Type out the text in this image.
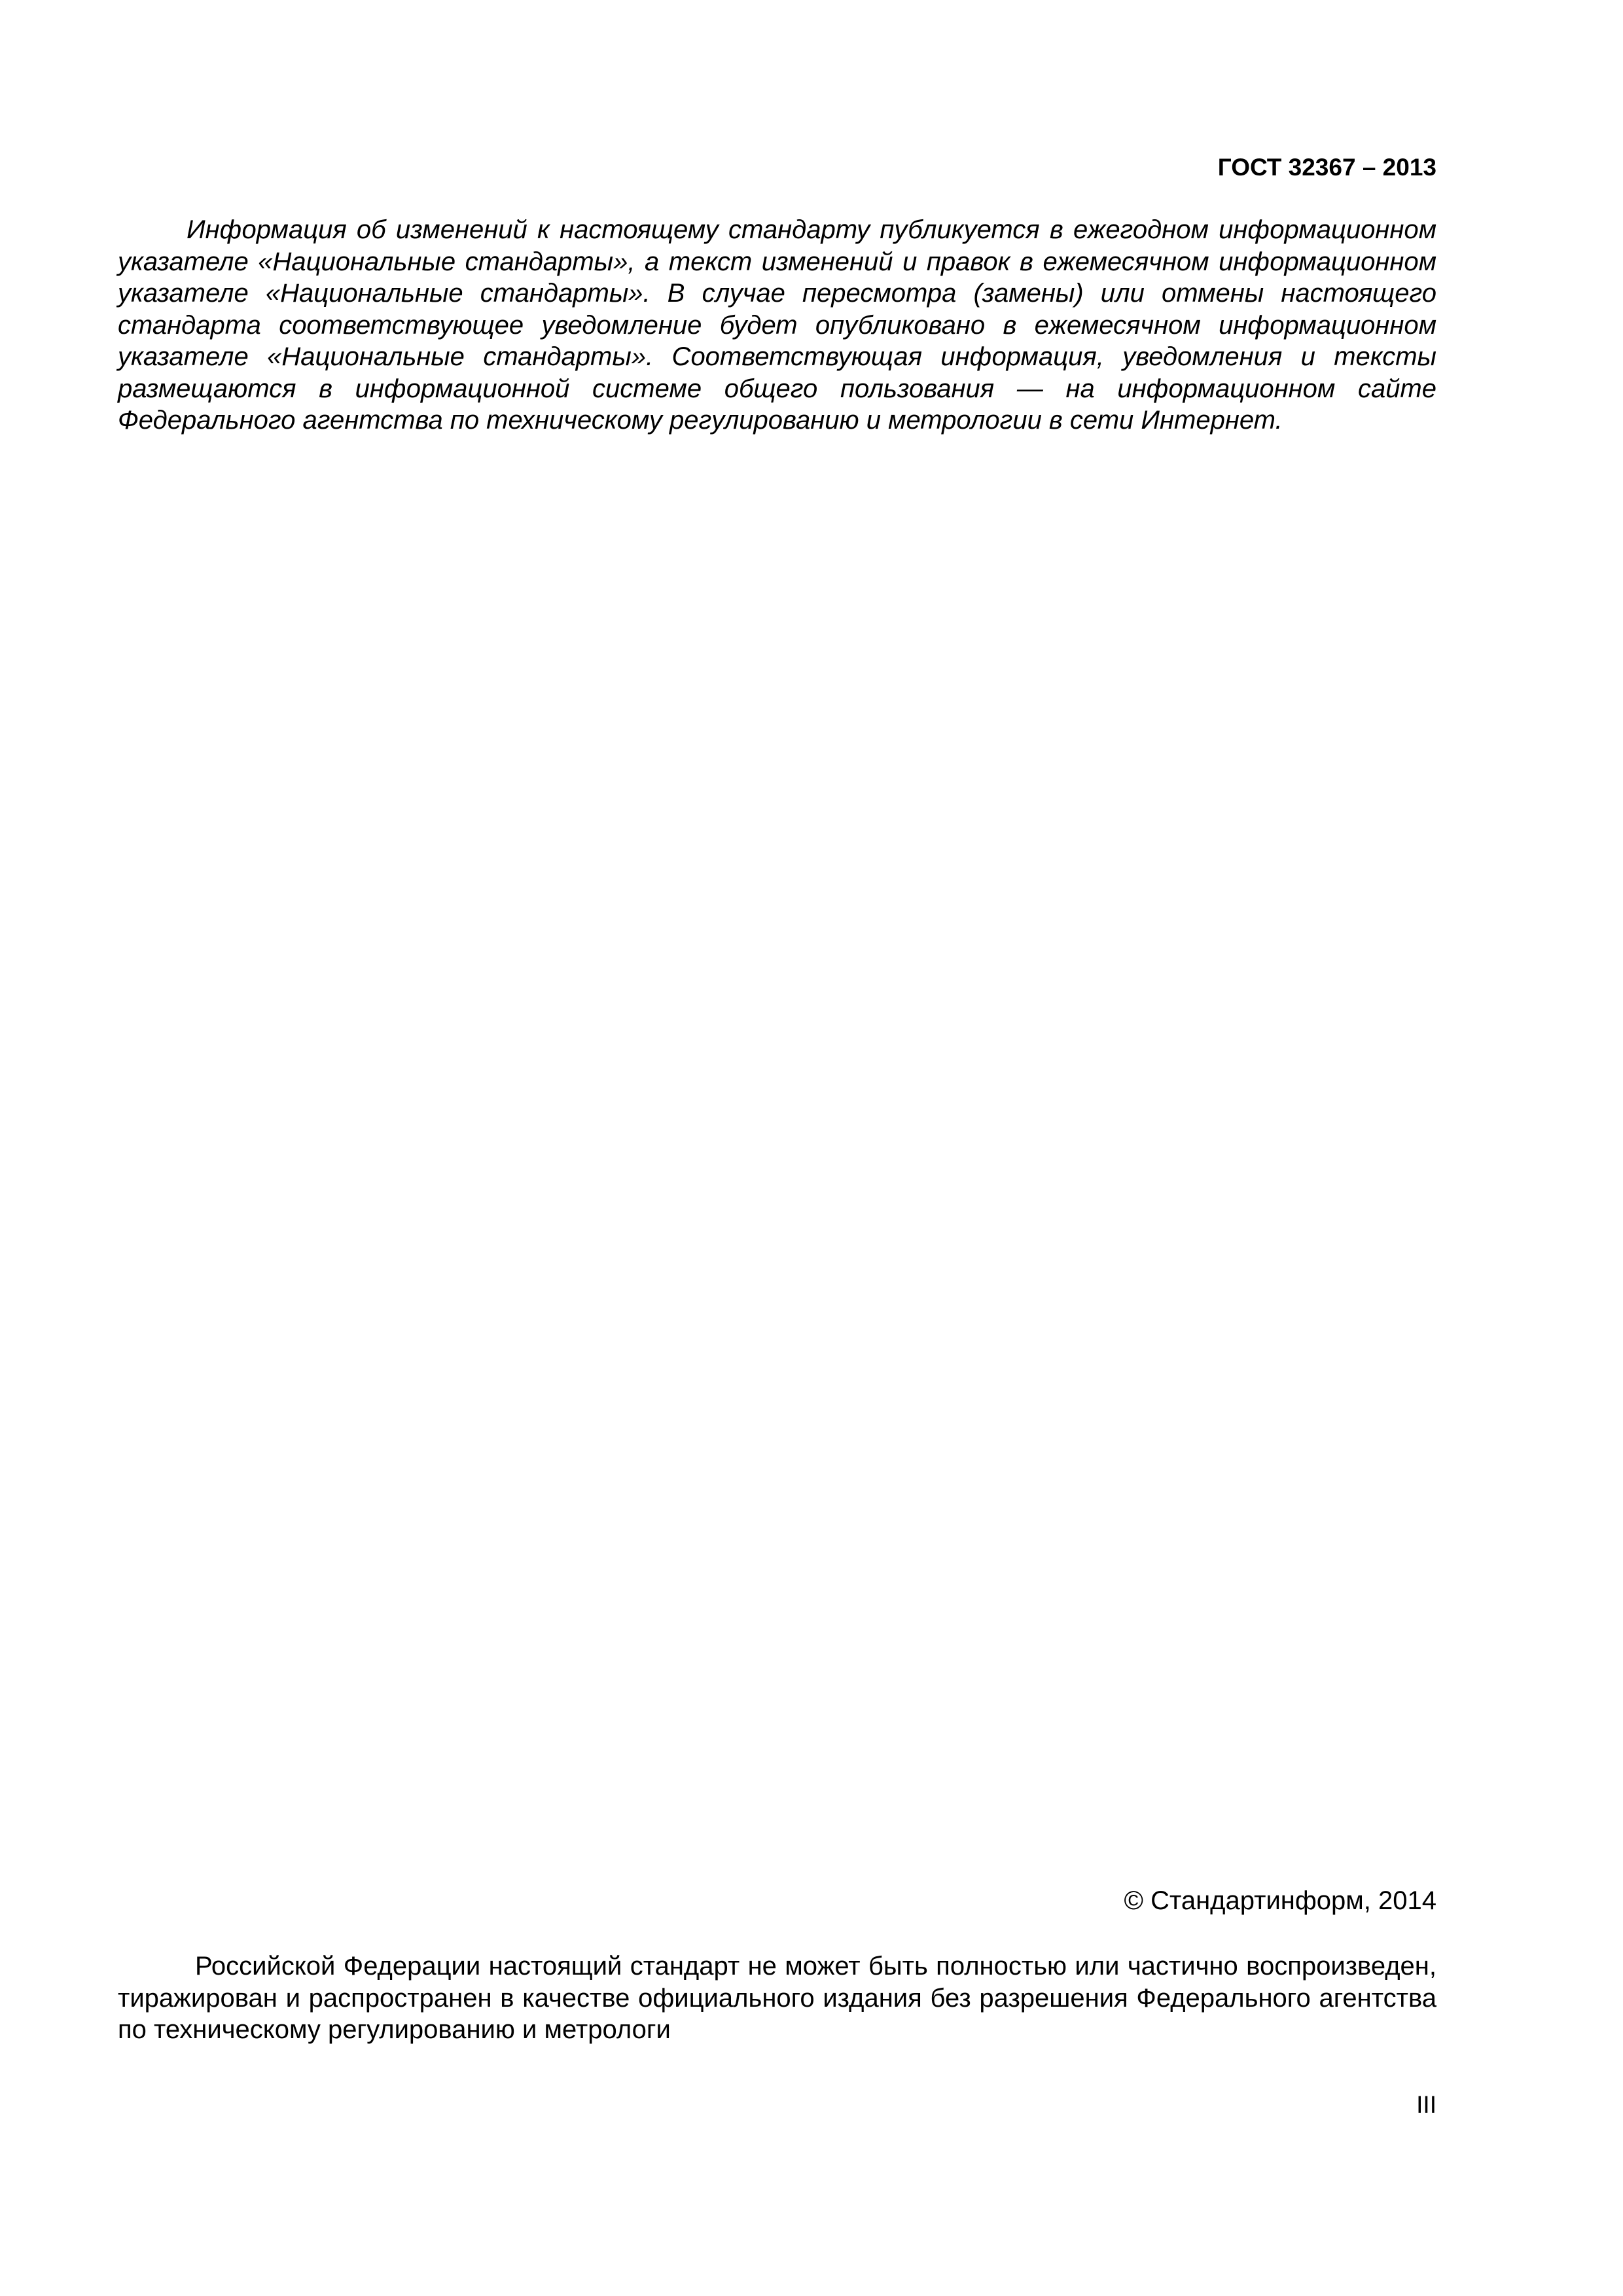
ГОСТ 32367 – 2013

Информация об изменений к настоящему стандарту публикуется в ежегодном информационном указателе «Национальные стандарты», а текст изменений и правок в ежемесячном информационном указателе «Национальные стандарты». В случае пересмотра (замены) или отмены настоящего стандарта соответствующее уведомление будет опубликовано в ежемесячном информационном указателе «Национальные стандарты». Соответствующая информация, уведомления и тексты размещаются в информационной системе общего пользования — на информационном сайте Федерального агентства по техническому регулированию и метрологии в сети Интернет.

© Стандартинформ, 2014

Российской Федерации настоящий стандарт не может быть полностью или частично воспроизведен, тиражирован и распространен в качестве официального издания без разрешения Федерального агентства по техническому регулированию и метрологи

III
